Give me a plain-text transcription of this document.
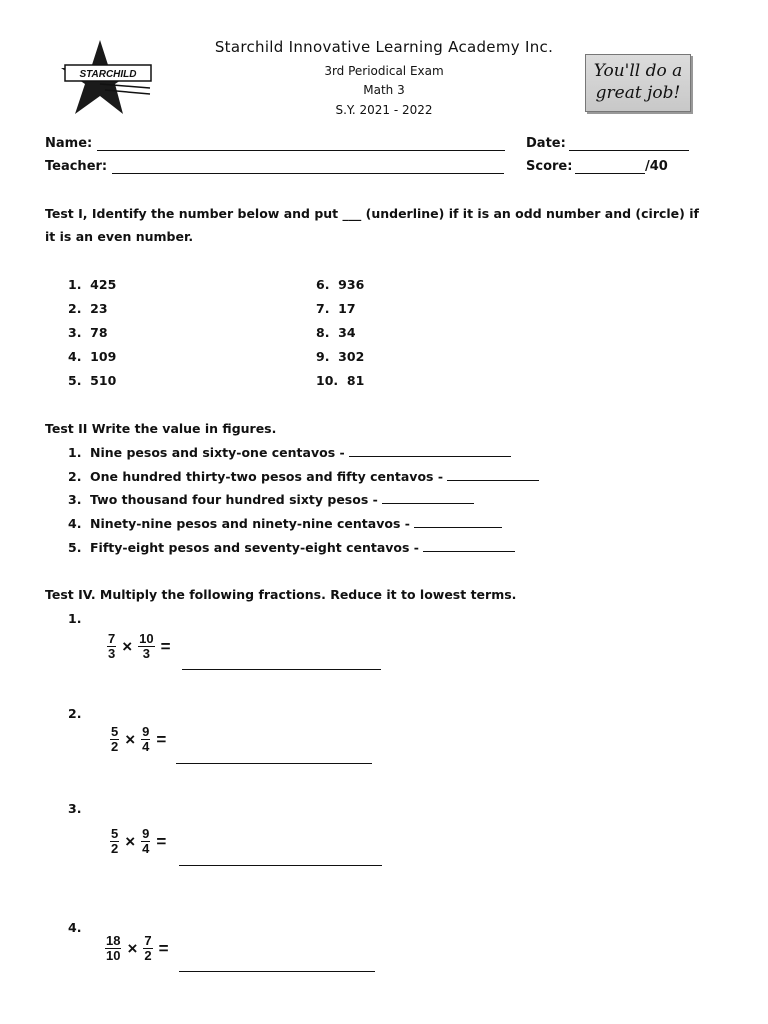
STARCHILD
Starchild Innovative Learning Academy Inc.
3rd Periodical Exam
Math 3
S.Y. 2021 - 2022
You'll do a
great job!
Name:	Date:
Teacher:	Score:	/40
Test I, Identify the number below and put ___ (underline) if it is an odd number and (circle) if
it is an even number.
1. 425
2. 23
3. 78
4. 109
5. 510
6. 936
7. 17
8. 34
9. 302
10. 81
Test II Write the value in figures.
1. Nine pesos and sixty-one centavos -
2. One hundred thirty-two pesos and fifty centavos -
3. Two thousand four hundred sixty pesos -
4. Ninety-nine pesos and ninety-nine centavos -
5. Fifty-eight pesos and seventy-eight centavos -
Test IV. Multiply the following fractions. Reduce it to lowest terms.
1.
$\frac{7}{3} \times \frac{10}{3}$ =
2.
$\frac{5}{2} \times \frac{9}{4}$ =
3.
$\frac{5}{2} \times \frac{9}{4}$ =
4.
$\frac{18}{10} \times \frac{7}{2}$ =
